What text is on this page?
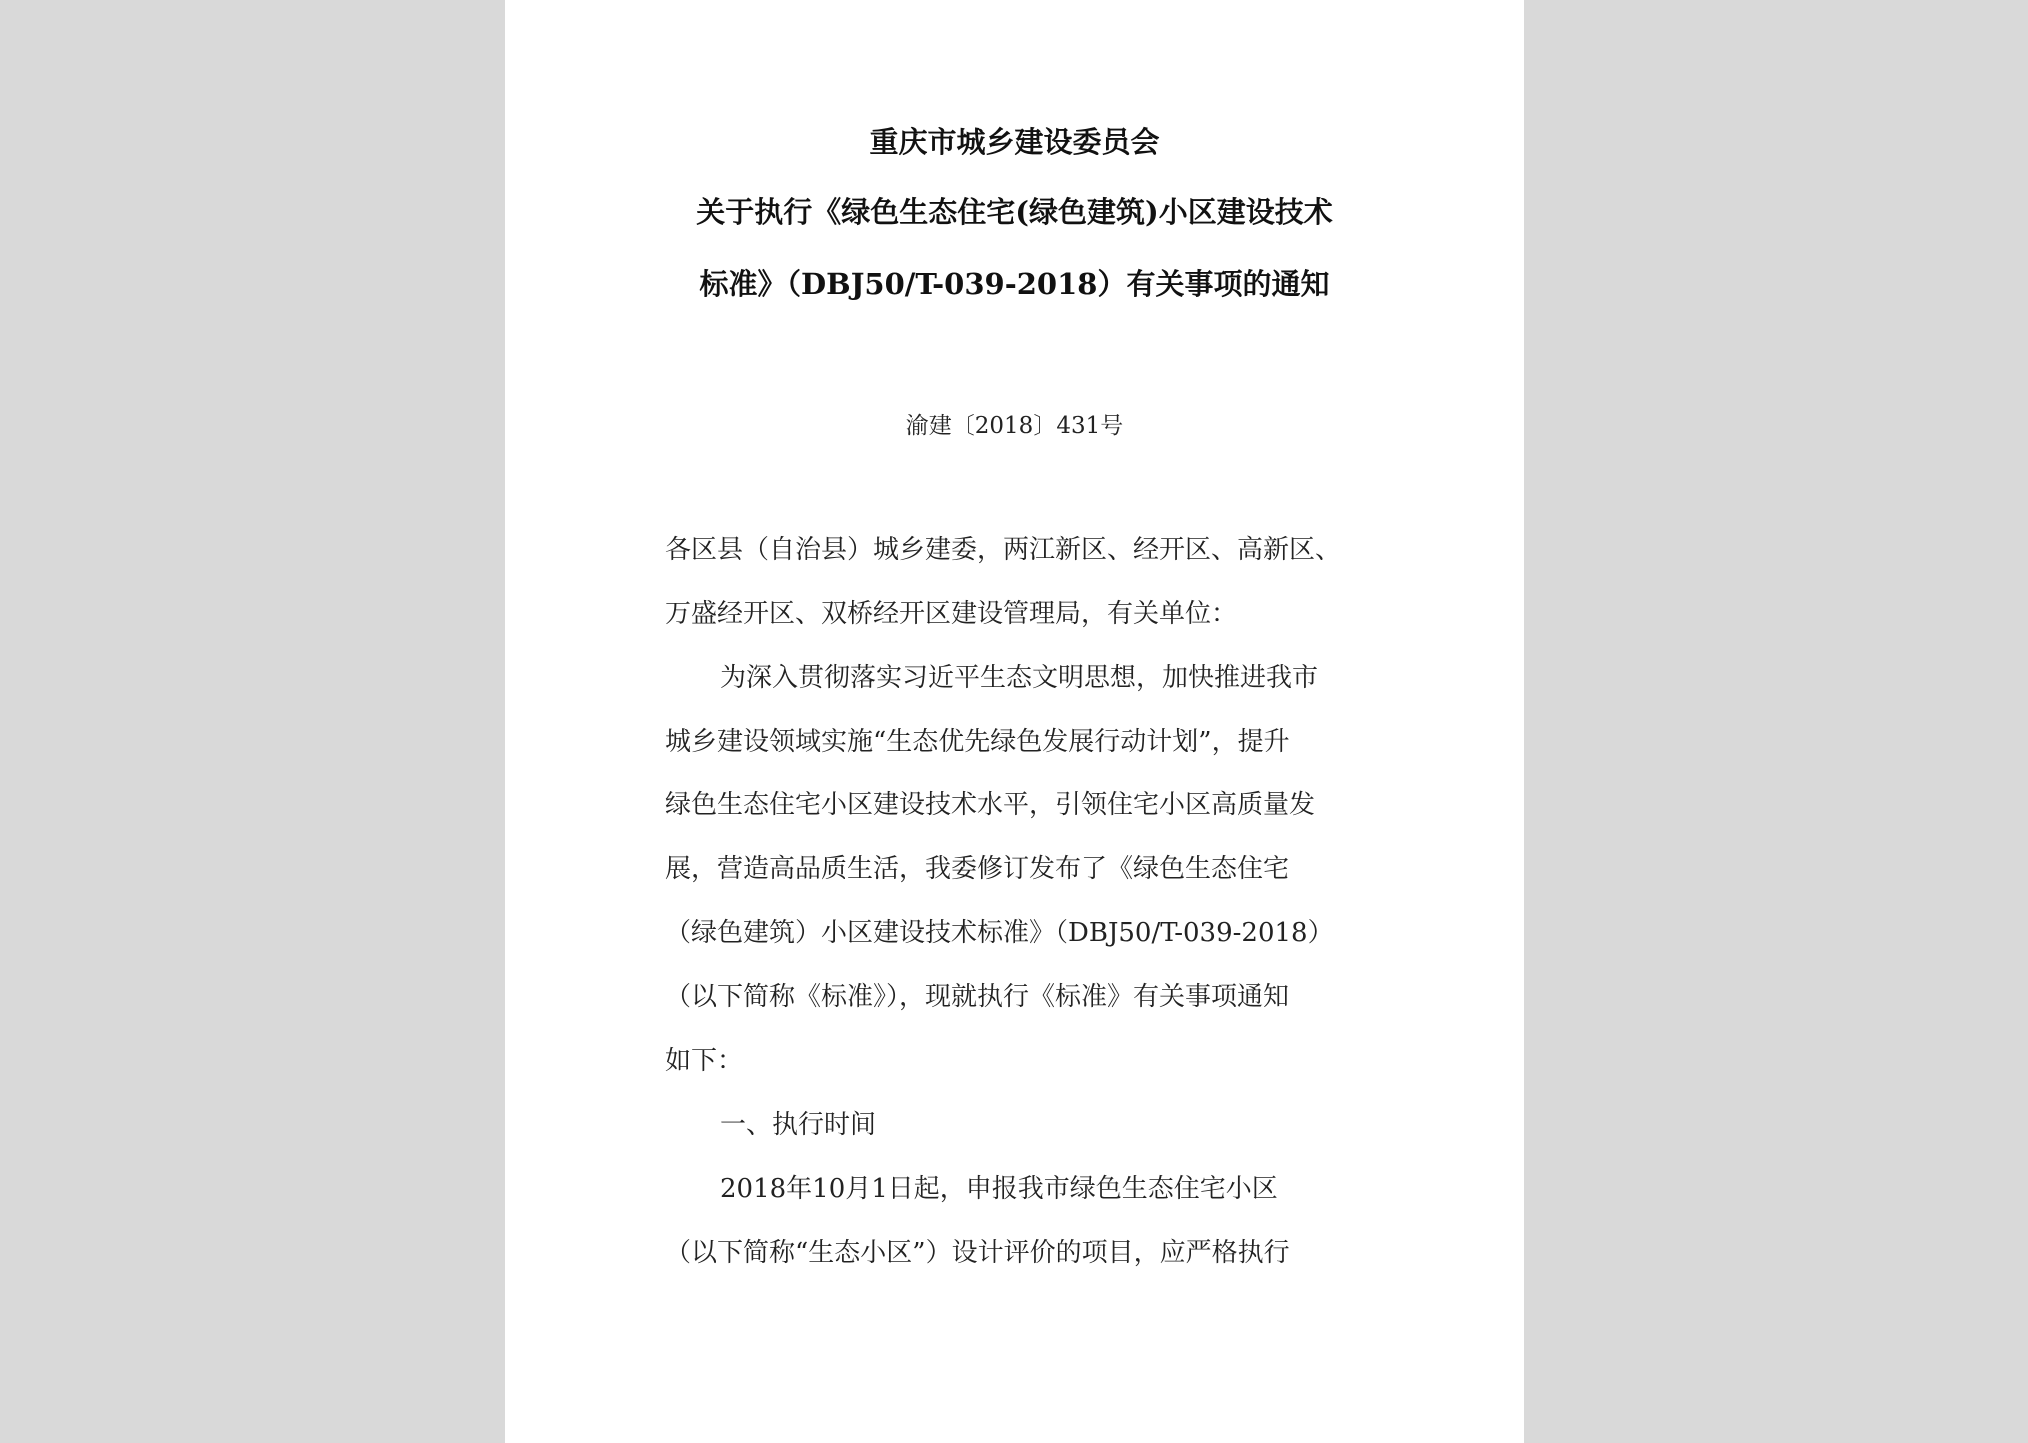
重庆市城乡建设委员会
关于执行《绿色生态住宅(绿色建筑)小区建设技术
标准》（DBJ50/T-039-2018）有关事项的通知
渝建〔2018〕431号
各区县（自治县）城乡建委，两江新区、经开区、高新区、
万盛经开区、双桥经开区建设管理局，有关单位：
为深入贯彻落实习近平生态文明思想，加快推进我市
城乡建设领域实施“生态优先绿色发展行动计划”，提升
绿色生态住宅小区建设技术水平，引领住宅小区高质量发
展，营造高品质生活，我委修订发布了《绿色生态住宅
（绿色建筑）小区建设技术标准》（DBJ50/T-039-2018）
（以下简称《标准》），现就执行《标准》有关事项通知
如下：
一、执行时间
2018年10月1日起，申报我市绿色生态住宅小区
（以下简称“生态小区”）设计评价的项目，应严格执行
